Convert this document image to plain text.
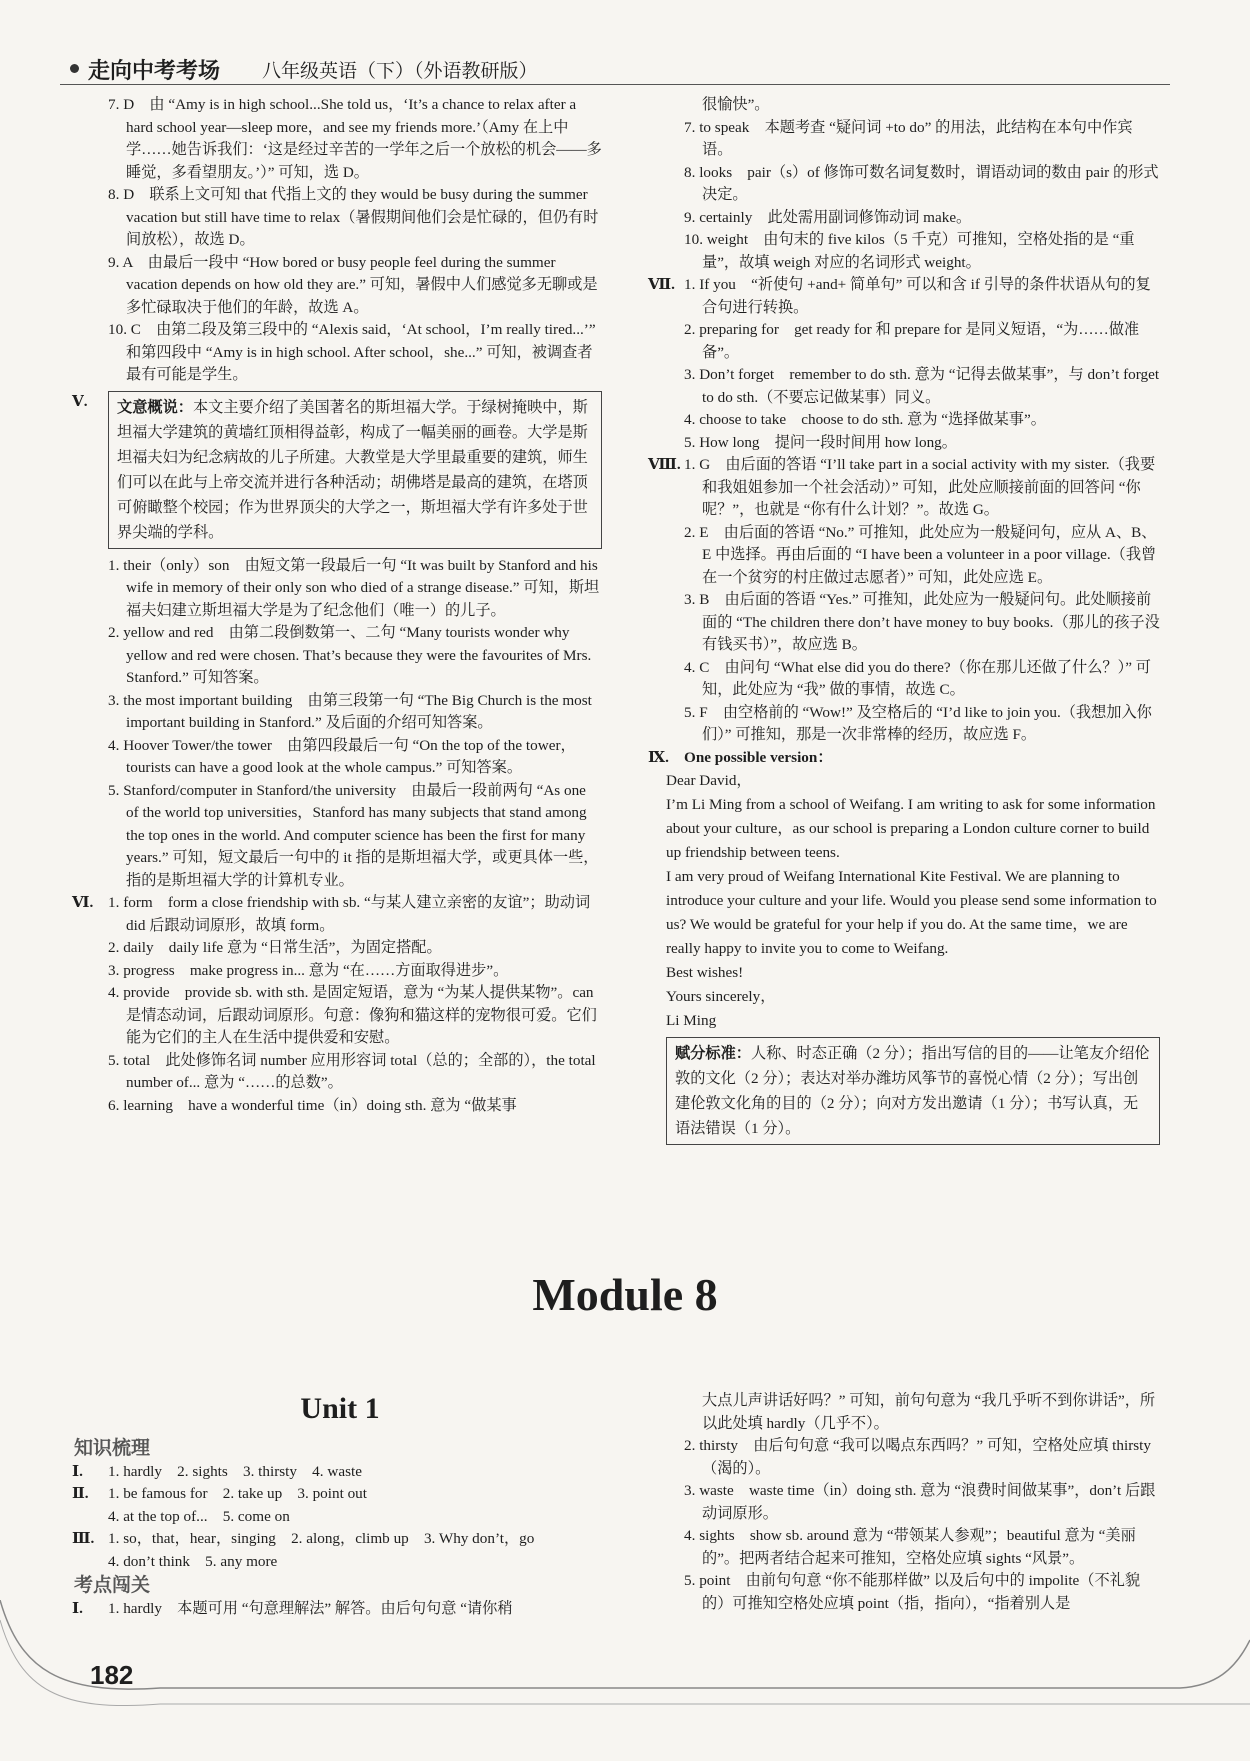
走向中考考场 八年级英语（下）（外语教研版）

7. D　由 “Amy is in high school...She told us，‘It’s a chance to relax after a hard school year—sleep more，and see my friends more.’（Amy 在上中学……她告诉我们：‘这是经过辛苦的一学年之后一个放松的机会——多睡觉，多看望朋友。’）” 可知，选 D。

8. D　联系上文可知 that 代指上文的 they would be busy during the summer vacation but still have time to relax（暑假期间他们会是忙碌的，但仍有时间放松），故选 D。

9. A　由最后一段中 “How bored or busy people feel during the summer vacation depends on how old they are.” 可知，暑假中人们感觉多无聊或是多忙碌取决于他们的年龄，故选 A。

10. C　由第二段及第三段中的 “Alexis said，‘At school，I’m really tired...’” 和第四段中 “Amy is in high school. After school，she...” 可知，被调查者最有可能是学生。

Ⅴ.	文意概说：本文主要介绍了美国著名的斯坦福大学。于绿树掩映中，斯坦福大学建筑的黄墙红顶相得益彰，构成了一幅美丽的画卷。大学是斯坦福夫妇为纪念病故的儿子所建。大教堂是大学里最重要的建筑，师生们可以在此与上帝交流并进行各种活动；胡佛塔是最高的建筑，在塔顶可俯瞰整个校园；作为世界顶尖的大学之一，斯坦福大学有许多处于世界尖端的学科。

1. their（only）son　由短文第一段最后一句 “It was built by Stanford and his wife in memory of their only son who died of a strange disease.” 可知，斯坦福夫妇建立斯坦福大学是为了纪念他们（唯一）的儿子。

2. yellow and red　由第二段倒数第一、二句 “Many tourists wonder why yellow and red were chosen. That’s because they were the favourites of Mrs. Stanford.” 可知答案。

3. the most important building　由第三段第一句 “The Big Church is the most important building in Stanford.” 及后面的介绍可知答案。

4. Hoover Tower/the tower　由第四段最后一句 “On the top of the tower，tourists can have a good look at the whole campus.” 可知答案。

5. Stanford/computer in Stanford/the university　由最后一段前两句 “As one of the world top universities，Stanford has many subjects that stand among the top ones in the world. And computer science has been the first for many years.” 可知，短文最后一句中的 it 指的是斯坦福大学，或更具体一些，指的是斯坦福大学的计算机专业。

Ⅵ. 1. form　form a close friendship with sb. “与某人建立亲密的友谊”；助动词 did 后跟动词原形，故填 form。

2. daily　daily life 意为 “日常生活”，为固定搭配。

3. progress　make progress in... 意为 “在……方面取得进步”。

4. provide　provide sb. with sth. 是固定短语，意为 “为某人提供某物”。can 是情态动词，后跟动词原形。句意：像狗和猫这样的宠物很可爱。它们能为它们的主人在生活中提供爱和安慰。

5. total　此处修饰名词 number 应用形容词 total（总的；全部的），the total number of... 意为 “……的总数”。

6. learning　have a wonderful time（in）doing sth. 意为 “做某事

很愉快”。

7. to speak　本题考查 “疑问词 +to do” 的用法，此结构在本句中作宾语。

8. looks　pair（s）of 修饰可数名词复数时，谓语动词的数由 pair 的形式决定。

9. certainly　此处需用副词修饰动词 make。

10. weight　由句末的 five kilos（5 千克）可推知，空格处指的是 “重量”，故填 weigh 对应的名词形式 weight。

Ⅶ. 1. If you　“祈使句 +and+ 简单句” 可以和含 if 引导的条件状语从句的复合句进行转换。

2. preparing for　get ready for 和 prepare for 是同义短语，“为……做准备”。

3. Don’t forget　remember to do sth. 意为 “记得去做某事”，与 don’t forget to do sth.（不要忘记做某事）同义。

4. choose to take　choose to do sth. 意为 “选择做某事”。

5. How long　提问一段时间用 how long。

Ⅷ. 1. G　由后面的答语 “I’ll take part in a social activity with my sister.（我要和我姐姐参加一个社会活动）” 可知，此处应顺接前面的回答问 “你呢？”，也就是 “你有什么计划？”。故选 G。

2. E　由后面的答语 “No.” 可推知，此处应为一般疑问句，应从 A、B、E 中选择。再由后面的 “I have been a volunteer in a poor village.（我曾在一个贫穷的村庄做过志愿者）” 可知，此处应选 E。

3. B　由后面的答语 “Yes.” 可推知，此处应为一般疑问句。此处顺接前面的 “The children there don’t have money to buy books.（那儿的孩子没有钱买书）”，故应选 B。

4. C　由问句 “What else did you do there?（你在那儿还做了什么？）” 可知，此处应为 “我” 做的事情，故选 C。

5. F　由空格前的 “Wow!” 及空格后的 “I’d like to join you.（我想加入你们）” 可推知，那是一次非常棒的经历，故应选 F。

Ⅸ. One possible version：

Dear David，

I’m Li Ming from a school of Weifang. I am writing to ask for some information about your culture，as our school is preparing a London culture corner to build up friendship between teens.

I am very proud of Weifang International Kite Festival. We are planning to introduce your culture and your life. Would you please send some information to us? We would be grateful for your help if you do. At the same time，we are really happy to invite you to come to Weifang.

Best wishes!

Yours sincerely，

Li Ming

赋分标准：人称、时态正确（2 分）；指出写信的目的——让笔友介绍伦敦的文化（2 分）；表达对举办潍坊风筝节的喜悦心情（2 分）；写出创建伦敦文化角的目的（2 分）；向对方发出邀请（1 分）；书写认真，无语法错误（1 分）。
Module 8
Unit 1
知识梳理
Ⅰ. 1. hardly　2. sights　3. thirsty　4. waste
Ⅱ. 1. be famous for　2. take up　3. point out
4. at the top of...　5. come on
Ⅲ. 1. so，that，hear，singing　2. along，climb up　3. Why don’t，go
4. don’t think　5. any more
考点闯关
Ⅰ. 1. hardly　本题可用 “句意理解法” 解答。由后句句意 “请你稍

大点儿声讲话好吗？” 可知，前句句意为 “我几乎听不到你讲话”，所以此处填 hardly（几乎不）。

2. thirsty　由后句句意 “我可以喝点东西吗？” 可知，空格处应填 thirsty（渴的）。

3. waste　waste time（in）doing sth. 意为 “浪费时间做某事”，don’t 后跟动词原形。

4. sights　show sb. around 意为 “带领某人参观”；beautiful 意为 “美丽的”。把两者结合起来可推知，空格处应填 sights “风景”。

5. point　由前句句意 “你不能那样做” 以及后句中的 impolite（不礼貌的）可推知空格处应填 point（指，指向），“指着别人是

182
